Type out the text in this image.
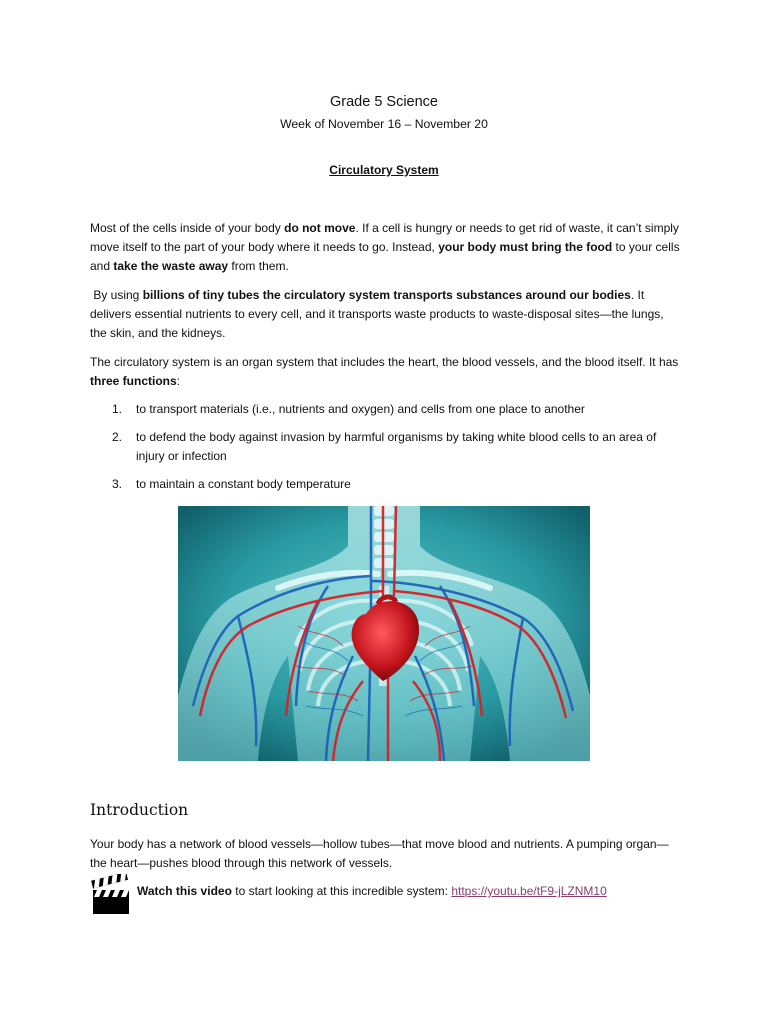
Grade 5 Science
Week of November 16 – November 20
Circulatory System

Most of the cells inside of your body do not move. If a cell is hungry or needs to get rid of waste, it can’t simply move itself to the part of your body where it needs to go. Instead, your body must bring the food to your cells and take the waste away from them.

By using billions of tiny tubes the circulatory system transports substances around our bodies. It delivers essential nutrients to every cell, and it transports waste products to waste-disposal sites—the lungs, the skin, and the kidneys.

The circulatory system is an organ system that includes the heart, the blood vessels, and the blood itself. It has three functions:

1. to transport materials (i.e., nutrients and oxygen) and cells from one place to another
2. to defend the body against invasion by harmful organisms by taking white blood cells to an area of injury or infection
3. to maintain a constant body temperature
Introduction

Your body has a network of blood vessels—hollow tubes—that move blood and nutrients. A pumping organ—the heart—pushes blood through this network of vessels.

Watch this video to start looking at this incredible system: https://youtu.be/tF9-jLZNM10
